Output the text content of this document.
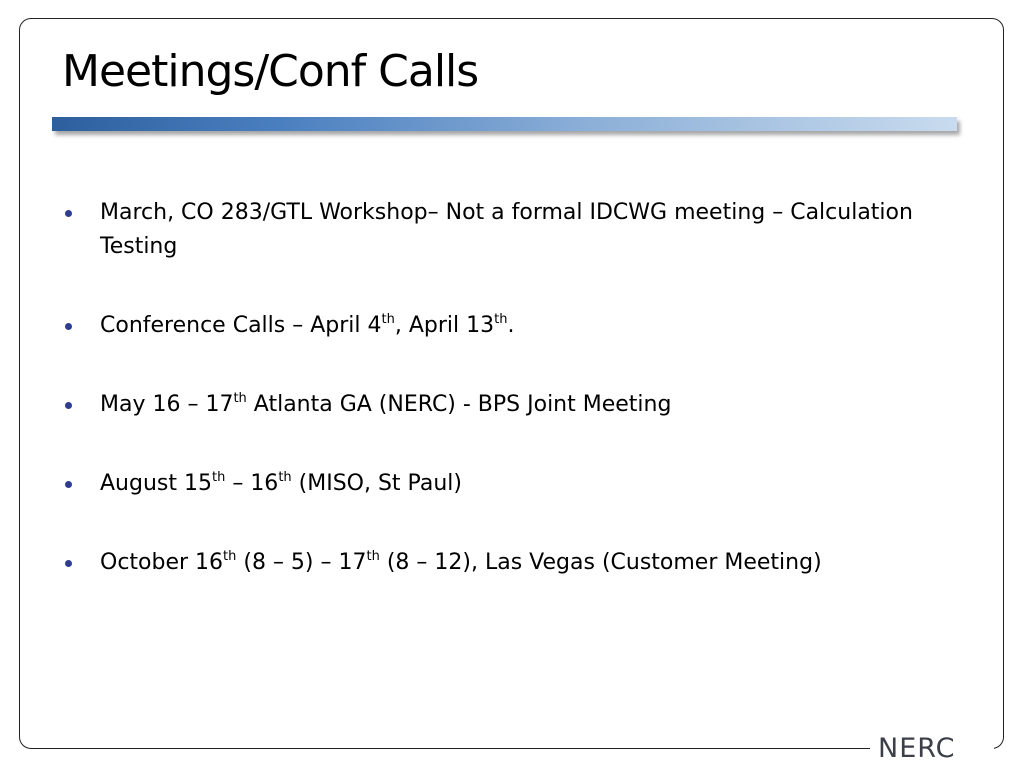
Meetings/Conf Calls
March, CO 283/GTL Workshop– Not a formal IDCWG meeting – Calculation Testing
Conference Calls – April 4th, April 13th.
May 16 – 17th Atlanta GA (NERC) - BPS Joint Meeting
August 15th – 16th (MISO, St Paul)
October 16th (8 – 5) – 17th (8 – 12), Las Vegas (Customer Meeting)
NERC
